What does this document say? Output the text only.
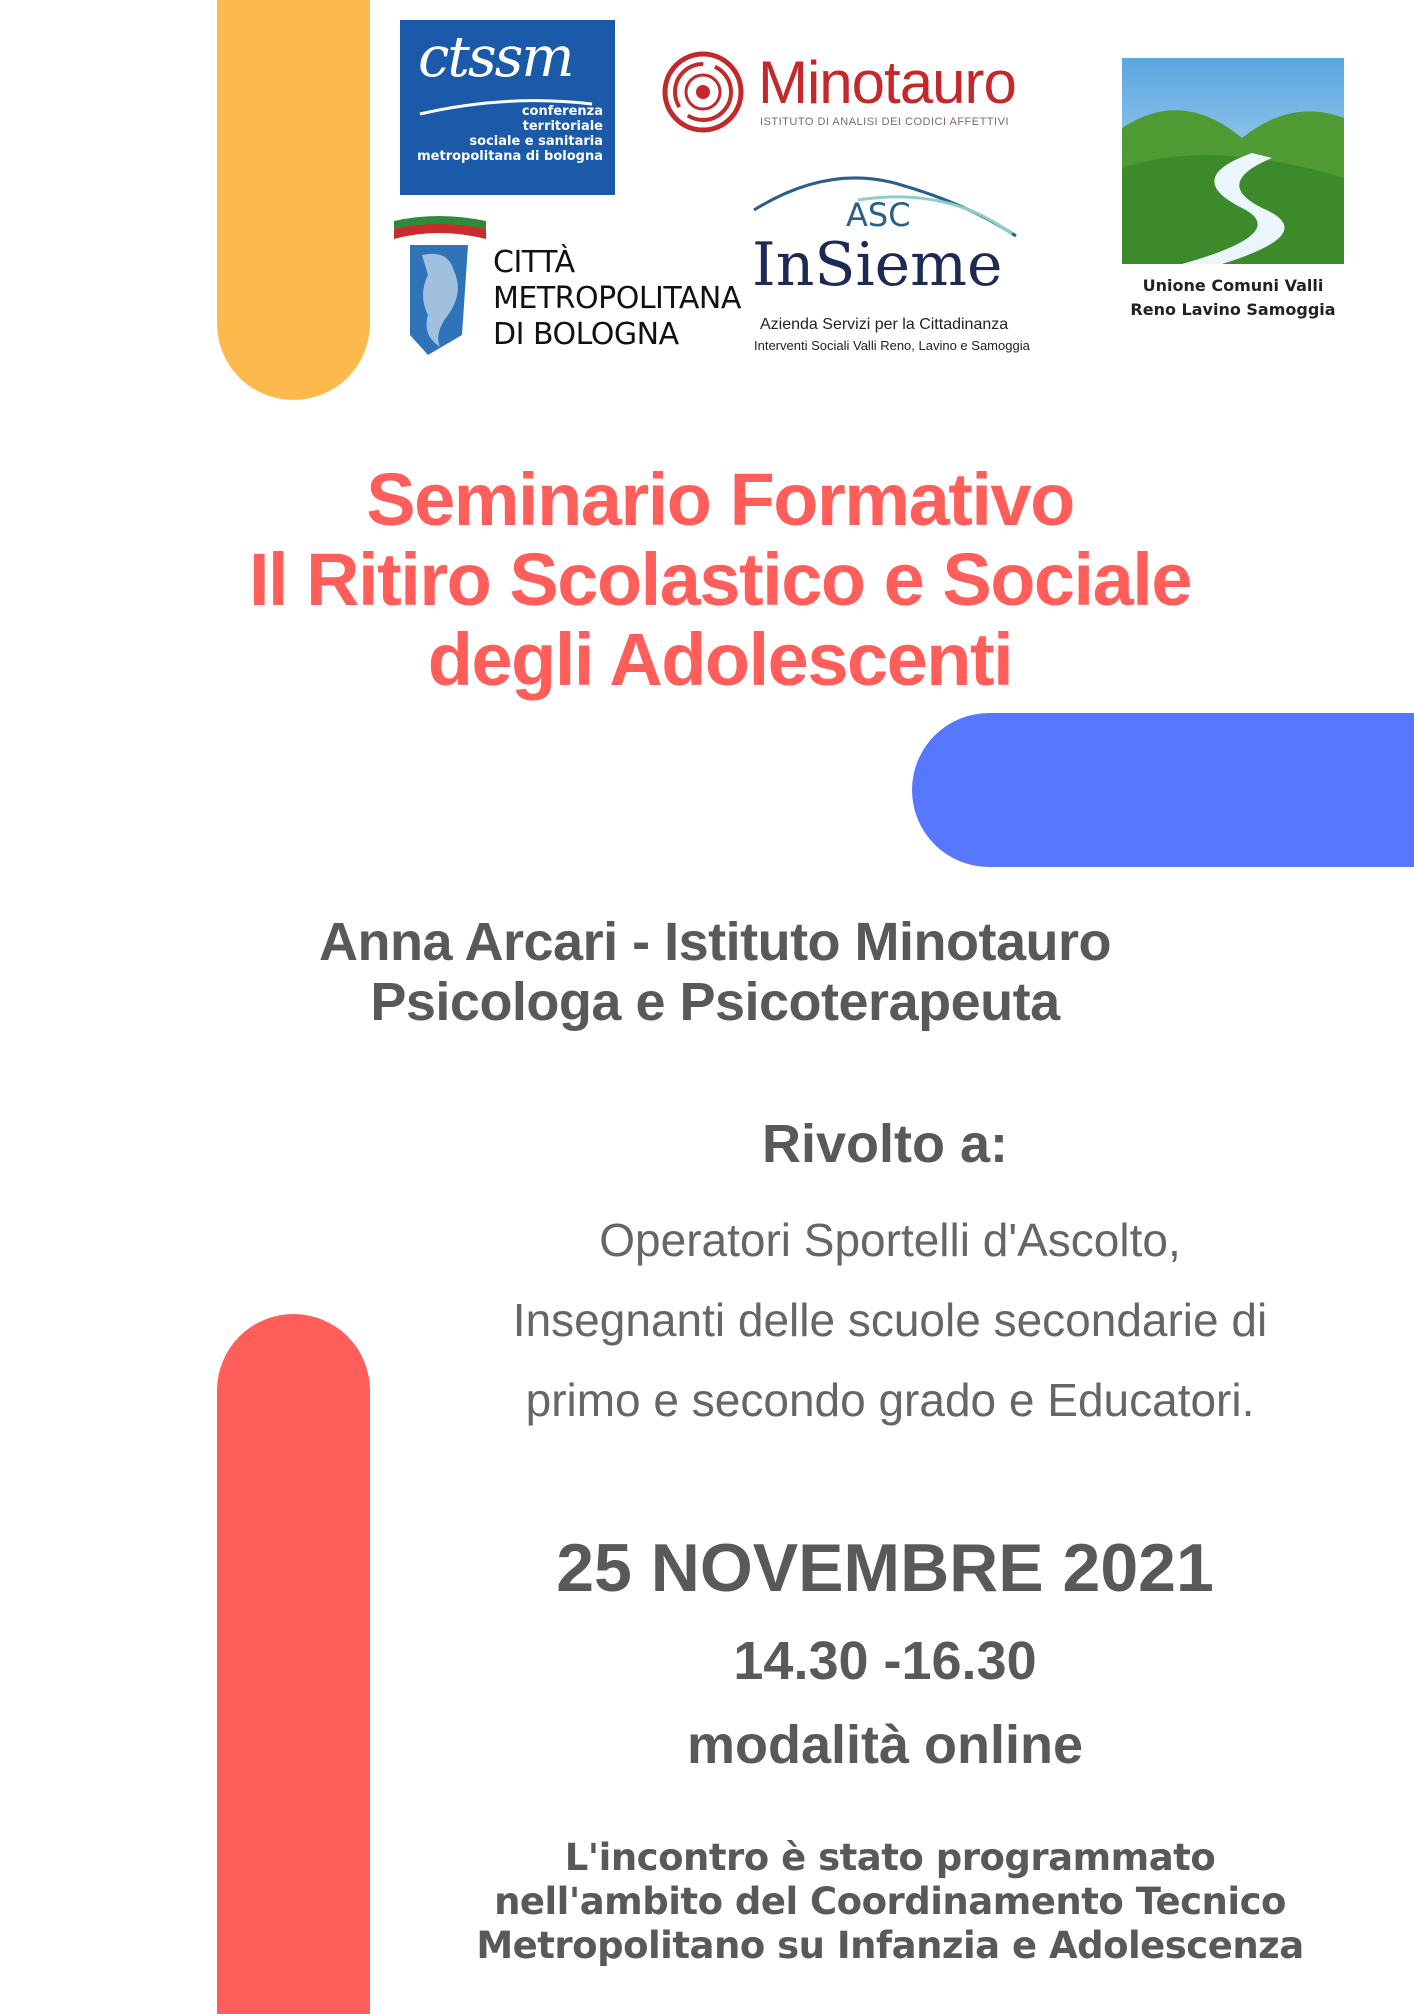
ctssm
conferenza
territoriale
sociale e sanitaria
metropolitana di bologna
Minotauro
ISTITUTO DI ANALISI DEI CODICI AFFETTIVI
Unione Comuni Valli
Reno Lavino Samoggia
CITTÀ
METROPOLITANA
DI BOLOGNA
ASC
InSieme
Azienda Servizi per la Cittadinanza
Interventi Sociali Valli Reno, Lavino e Samoggia
Seminario Formativo
Il Ritiro Scolastico e Sociale
degli Adolescenti
Anna Arcari - Istituto Minotauro
Psicologa e Psicoterapeuta
Rivolto a:
Operatori Sportelli d'Ascolto,
Insegnanti delle scuole secondarie di
primo e secondo grado e Educatori.
25 NOVEMBRE 2021
14.30 -16.30
modalità online
L'incontro è stato programmato
nell'ambito del Coordinamento Tecnico
Metropolitano su Infanzia e Adolescenza
